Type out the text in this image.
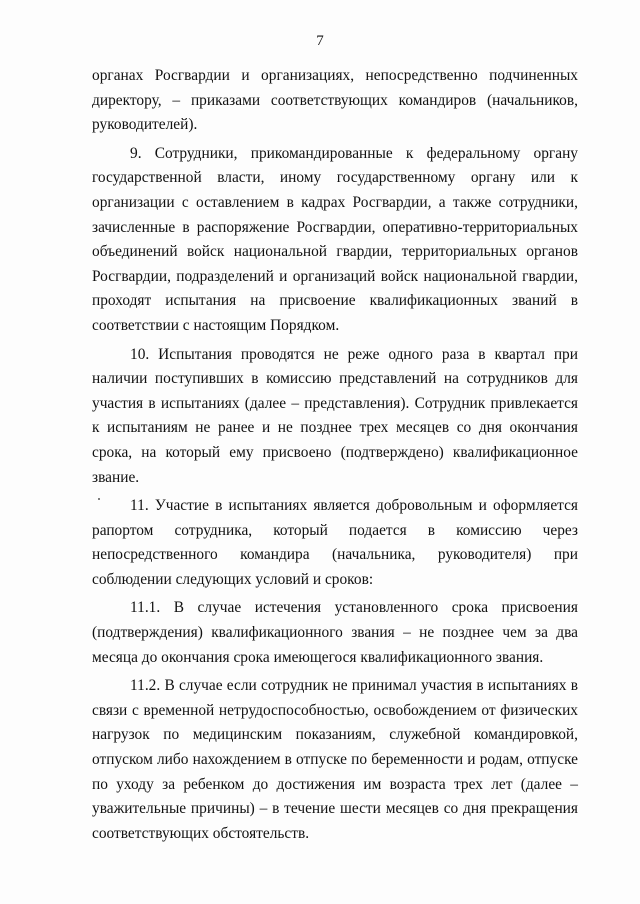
7

органах Росгвардии и организациях, непосредственно подчиненных директору, – приказами соответствующих командиров (начальников, руководителей).

9. Сотрудники, прикомандированные к федеральному органу государственной власти, иному государственному органу или к организации с оставлением в кадрах Росгвардии, а также сотрудники, зачисленные в распоряжение Росгвардии, оперативно-территориальных объединений войск национальной гвардии, территориальных органов Росгвардии, подразделений и организаций войск национальной гвардии, проходят испытания на присвоение квалификационных званий в соответствии с настоящим Порядком.

10. Испытания проводятся не реже одного раза в квартал при наличии поступивших в комиссию представлений на сотрудников для участия в испытаниях (далее – представления). Сотрудник привлекается к испытаниям не ранее и не позднее трех месяцев со дня окончания срока, на который ему присвоено (подтверждено) квалификационное звание.

11. Участие в испытаниях является добровольным и оформляется рапортом сотрудника, который подается в комиссию через непосредственного командира (начальника, руководителя) при соблюдении следующих условий и сроков:

11.1. В случае истечения установленного срока присвоения (подтверждения) квалификационного звания – не позднее чем за два месяца до окончания срока имеющегося квалификационного звания.

11.2. В случае если сотрудник не принимал участия в испытаниях в связи с временной нетрудоспособностью, освобождением от физических нагрузок по медицинским показаниям, служебной командировкой, отпуском либо нахождением в отпуске по беременности и родам, отпуске по уходу за ребенком до достижения им возраста трех лет (далее – уважительные причины) – в течение шести месяцев со дня прекращения соответствующих обстоятельств.
